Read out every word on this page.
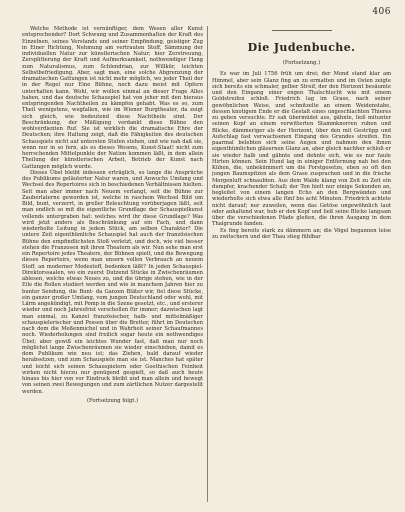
406

Welche Methode ist vernünftiger, dem Wesen aller Kunst entsprechender? Dort Schwung und Zusammenhalten der Kraft des Einzelnen, seines Verstands und seiner Empfindung, geistiger Zug in Einer Richtung, Nehmung am vertrauten Stoff, Sämmung der individuellen Natur zur künstlerischen Natur; hier Zerstreuung, Zersplitterung der Kraft und Aufmerksamkeit, nothwendiger Hang zum Naturalismus, zum Schlendrian, zur Willkür, leichten Selbstbefriedigung. Aber, sagt man, eine solche Abgrenzung der dramatischen Gattungen ist nicht mehr möglich, wo jeder Theil der in der Regel nur Eine Bühne, noch dazu meist mit Opfern unterhalten kann. Wohl, wir wollen einmal an dieser Frage Alles haben, und das deutsche Schauspiel hat von jeher mit den hieraus entspringenden Nachtheilen zu kämpfen gehabt. Was es so, zum Theil wenigstens, wegfallen, wie im Wiener Burgtheater, da zeigt sich gleich, wie bedeutend diese Nachtheile sind. Der Beschränkung, der Mäßigung verdankt diese Bühne den wohlverdienten Ruf. Sie ist wirklich die dramatische Ehre der Deutschen; ihre Haltung zeigt, daß die Fähigkeiten des deutschen Schauspiels nicht auf untersten Stufen stehen, und wie nah daß sie, wenn nur in so fern, als es dieses Wesens, Kunst-Staat! nicht zum herrschenden Mittelpunkte der Nation kommen läßt, in dem allein Theilung der künstlerischen Arbeit, Betrieb der Kunst nach Gattungen möglich wurde.

Dieses Übel bleibt indessen erträglich, so lange die Ansprüche des Publikums geläuterter Natur waren, und Anwuchs Umfang und Wechsel des Repertoires sich in beschiedenen Verhältnissen hielten. Seit man aber immer nach Neuem verlangt, seit die Bühne zur Zauberlaterne geworden ist, welche in raschem Wechsel Bild um Bild, bunt, verzerrt, in greller Beleuchtung vorüberjagen läßt, seit man endlich so mit die eigentliche Grundlage der Schauspielkunst vollends untergraben hat: welches wird ihr diese Grundlage? Was wird jetzt anders als Beschränkung auf ein Fach, und dann wiederholte Leitung in jedem Stück, am selben Charakter? Die untere Zeit eigenthümliche Schauspiel hat auch der französischen Bühne den empfindlichsten Stoß verletzt, und doch, wie viel besser stehen die Franzosen mit ihren Theatern als wir. Nun sehe man erst ein Repertoire jedes Theaters, der Bühnen spielt, und die Bewegung dieses Repertoirs, wenn man unsern vollen Verbrauch an neuem Stoff, an moderner Modestoff, bedenken läßt? In jeden Schauspiel-Direktorssaalen, wo ein zuerst Dutzend Stücke in Zwischenräumen ablesen, welche etwas Neues zu, und die übrige stehen, wie in der Eile die Rollen studiert werden und wie in manchem Jahren hier zu bunter Sendung, die Bunt- da Ganzen Bläter wir, fiel diese Stücke, ein ganzer großer Umfang, vom jungen Deutschland oder wohl, mit Lärm angekündigt, mit Pomp in die Szene gesetzt, etc., und ersterer wieder und noch Jahresfrist verschollen für immer; dazwischen lagt man einmal, zu Kanzel französischer, halb- und mittelmäßiger schauspielerischer und Possen über die Bretter, führt im Deutschen nach dem die Meßenmichel und in Wahrheit seiner Schaufmannes noch. Wiederholungen sind freilich sogar heute ein nothwendiges Übel; aber gewiß ein leichtes Wunder fast, daß man nur noch möglichst lange Zwischenräumen sie wieder einschieben, damit es dem Publikum wie neu ist; das Ziehen, bald darauf wieder herabsetzen, und zum Schauspiele man sie ist. Manches hat später und leicht sich seinen Schauspielern oder Goethischen Feinheit wirken nicht hierzu nur genügend gespielt, so daß auch heute hinaus bis hier von vor Eindruck bleibt und man allein und bewegt von seinen zwei Bewegungen und zum zärtlichen Nutzer dargestellt werden.

(Fortsetzung folgt.)
Die Judenbuche.
(Fortsetzung.)

Es war im Juli 1756 früh um drei; der Mond stand klar am Himmel, aber sein Glanz fing an zu ermatten und im Osten zeigte sich bereits ein schmaler, gelber Streif, der den Horizont besäumte und den Eingang einer engen Thalschlucht wie mit einem Goldstreifen schloß. Friedrich lag im Grase, nach seiner gewöhnlichen Weise, und schnitzelte an einem Weidenstabe, dessen knotigem Ende er die Gestalt eines ungeschlachten Thieres zu geben versuchte. Er sah übermüdet aus, gähnte, ließ mitunter seinen Kopf an einem verwitterten Stammknorren ruhen und Blicke, dämmeriger als der Horizont, über den mit Gestrüpp und Aufschlag fast verwachsenen Eingang des Grundes streifen. Ein paarmal belebten sich seine Augen und nahmen den ihnen eigenthümlichen gläsernen Glanz an, aber gleich nachher schloß er sie wieder halb und gähnte und dehnte sich, wie es nur faule Hirten können. Sein Hund lag in einiger Entfernung nah bei den Kühen, die, unbekümmert um die Forstgesetze, eben so oft den jungen Baumspitzen als dem Grase zusprachen und in die frische Morgenluft schnaubten. Aus dem Walde klang von Zeit zu Zeit ein dumpfer, krachender Schall; der Ton hielt nur einige Sekunden an, begleitet von einem langen Echo an den Bergwänden und wiederholte sich etwa alle fünf bis acht Minuten. Friedrich achtete nicht darauf; nur zuweilen, wenn das Getöse ungewöhnlich laut oder anhaltend war, hob er den Kopf und ließ seine Blicke langsam über die verschiedenen Pfade gleiten, die ihren Ausgang in dem Thalgrunde fanden.

Es fing bereits stark zu dämmern an; die Vögel begannen leise zu zwitschern und der Thau stieg fühlbar
